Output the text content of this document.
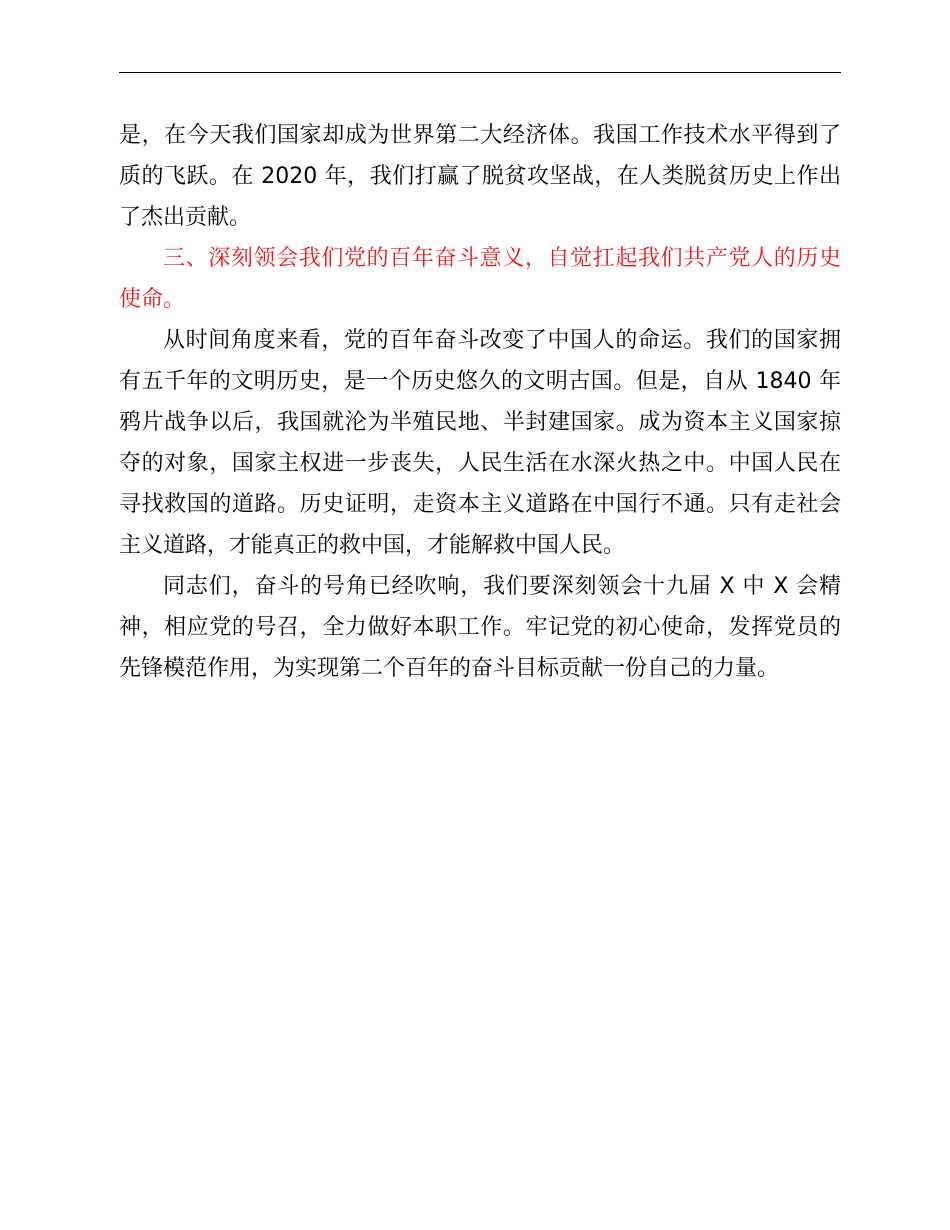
是，在今天我们国家却成为世界第二大经济体。我国工作技术水平得到了质的飞跃。在 2020 年，我们打赢了脱贫攻坚战，在人类脱贫历史上作出了杰出贡献。

三、深刻领会我们党的百年奋斗意义，自觉扛起我们共产党人的历史使命。

从时间角度来看，党的百年奋斗改变了中国人的命运。我们的国家拥有五千年的文明历史，是一个历史悠久的文明古国。但是，自从 1840 年鸦片战争以后，我国就沦为半殖民地、半封建国家。成为资本主义国家掠夺的对象，国家主权进一步丧失，人民生活在水深火热之中。中国人民在寻找救国的道路。历史证明，走资本主义道路在中国行不通。只有走社会主义道路，才能真正的救中国，才能解救中国人民。

同志们，奋斗的号角已经吹响，我们要深刻领会十九届 X 中 X 会精神，相应党的号召，全力做好本职工作。牢记党的初心使命，发挥党员的先锋模范作用，为实现第二个百年的奋斗目标贡献一份自己的力量。
